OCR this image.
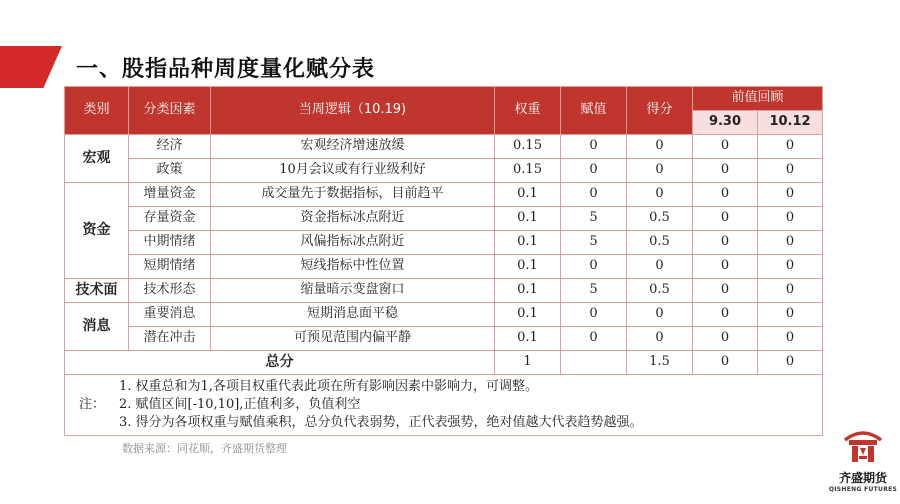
一、股指品种周度量化赋分表
类别	分类因素	当周逻辑（10.19)	权重	赋值	得分	前值回顾	
						9.30	10.12
宏观	经济	宏观经济增速放缓	0.15	0	0	0	0
	政策	10月会议或有行业级利好	0.15	0	0	0	0
资金	增量资金	成交量先于数据指标，目前趋平	0.1	0	0	0	0
	存量资金	资金指标冰点附近	0.1	5	0.5	0	0
	中期情绪	风偏指标冰点附近	0.1	5	0.5	0	0
	短期情绪	短线指标中性位置	0.1	0	0	0	0
技术面	技术形态	缩量暗示变盘窗口	0.1	5	0.5	0	0
消息	重要消息	短期消息面平稳	0.1	0	0	0	0
	潜在冲击	可预见范围内偏平静	0.1	0	0	0	0
总分			1		1.5	0	0

注：
1. 权重总和为1,各项目权重代表此项在所有影响因素中影响力，可调整。
2. 赋值区间[-10,10],正值利多，负值利空
3. 得分为各项权重与赋值乘积，总分负代表弱势，正代表强势，绝对值越大代表趋势越强。							
数据来源：同花顺，齐盛期货整理
齐盛期货
QISHENG FUTURES
